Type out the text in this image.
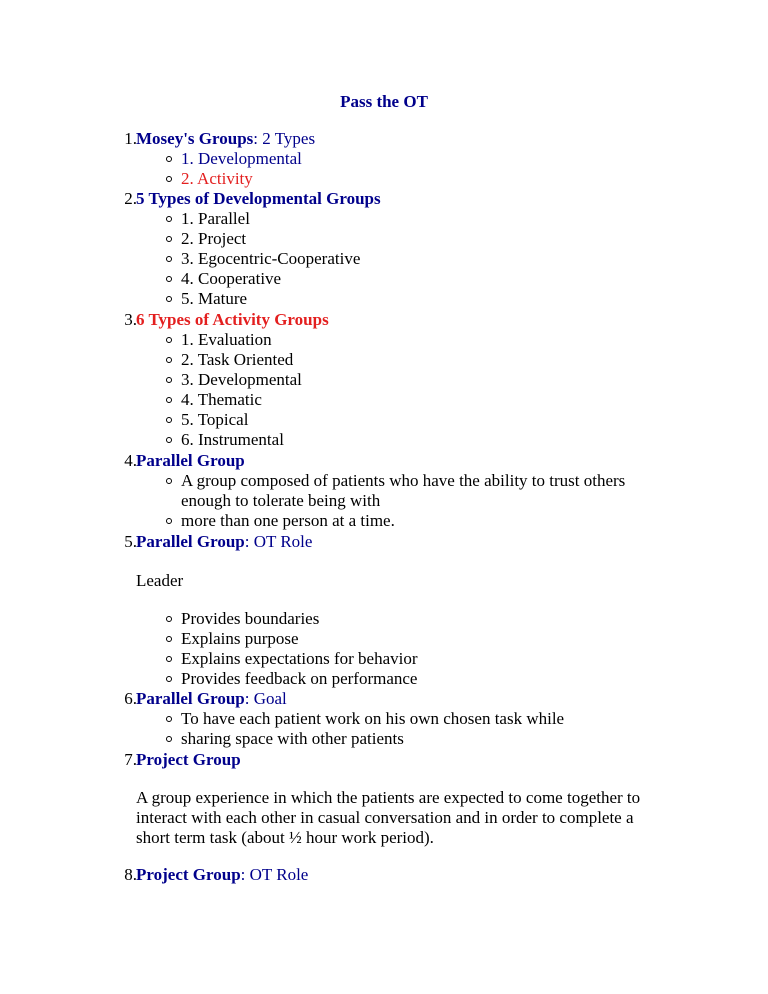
Pass the OT
1. Mosey's Groups: 2 Types
1. Developmental
2. Activity
2. 5 Types of Developmental Groups
1. Parallel
2. Project
3. Egocentric-Cooperative
4. Cooperative
5. Mature
3. 6 Types of Activity Groups
1. Evaluation
2. Task Oriented
3. Developmental
4. Thematic
5. Topical
6. Instrumental
4. Parallel Group
A group composed of patients who have the ability to trust others
enough to tolerate being with
more than one person at a time.
5. Parallel Group: OT Role
Leader
Provides boundaries
Explains purpose
Explains expectations for behavior
Provides feedback on performance
6. Parallel Group: Goal
To have each patient work on his own chosen task while
sharing space with other patients
7. Project Group
A group experience in which the patients are expected to come together to
interact with each other in casual conversation and in order to complete a
short term task (about ½ hour work period).
8. Project Group: OT Role
